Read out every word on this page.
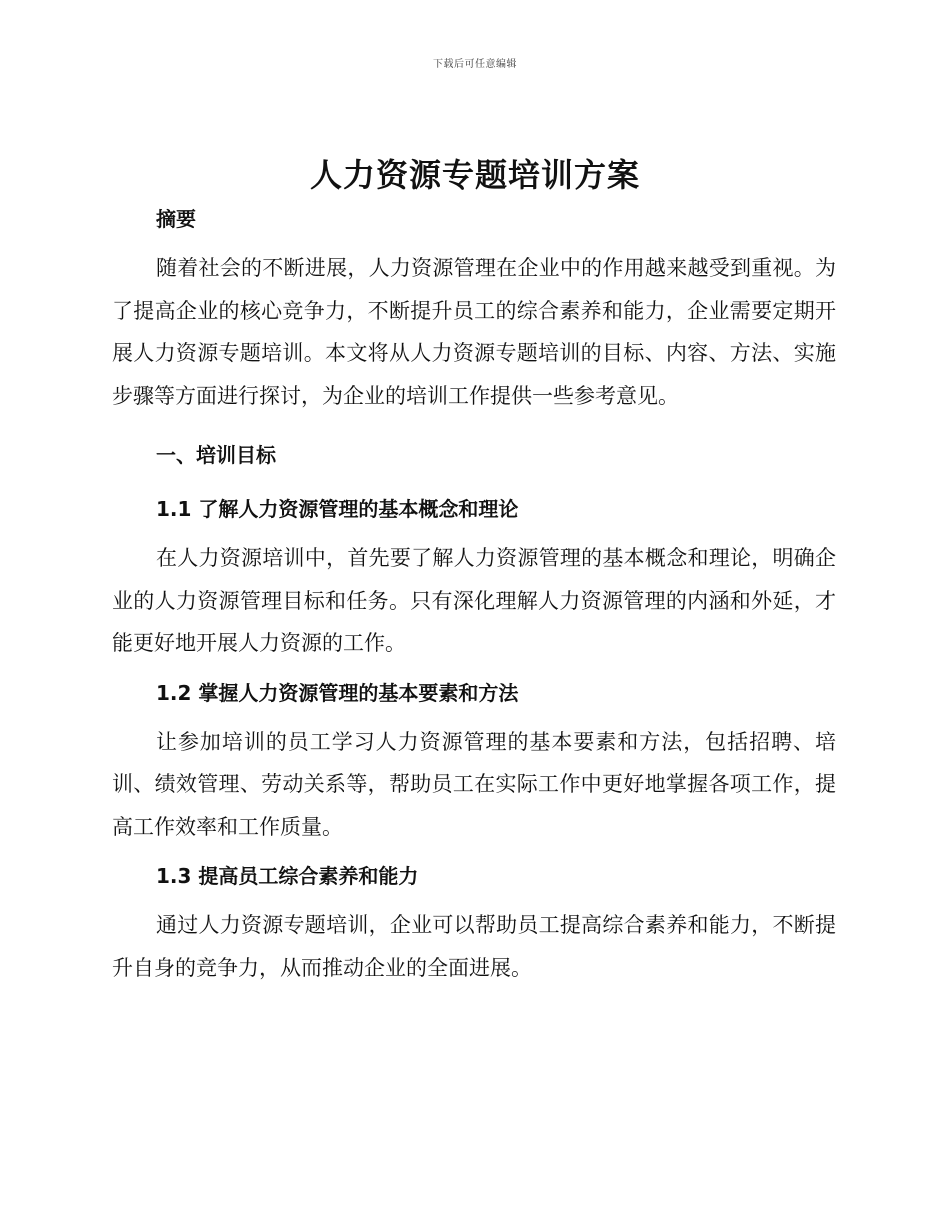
下载后可任意编辑
人力资源专题培训方案
摘要

随着社会的不断进展，人力资源管理在企业中的作用越来越受到重视。为了提高企业的核心竞争力，不断提升员工的综合素养和能力，企业需要定期开展人力资源专题培训。本文将从人力资源专题培训的目标、内容、方法、实施步骤等方面进行探讨，为企业的培训工作提供一些参考意见。

一、培训目标
1.1 了解人力资源管理的基本概念和理论

在人力资源培训中，首先要了解人力资源管理的基本概念和理论，明确企业的人力资源管理目标和任务。只有深化理解人力资源管理的内涵和外延，才能更好地开展人力资源的工作。

1.2 掌握人力资源管理的基本要素和方法

让参加培训的员工学习人力资源管理的基本要素和方法，包括招聘、培训、绩效管理、劳动关系等，帮助员工在实际工作中更好地掌握各项工作，提高工作效率和工作质量。

1.3 提高员工综合素养和能力

通过人力资源专题培训，企业可以帮助员工提高综合素养和能力，不断提升自身的竞争力，从而推动企业的全面进展。
